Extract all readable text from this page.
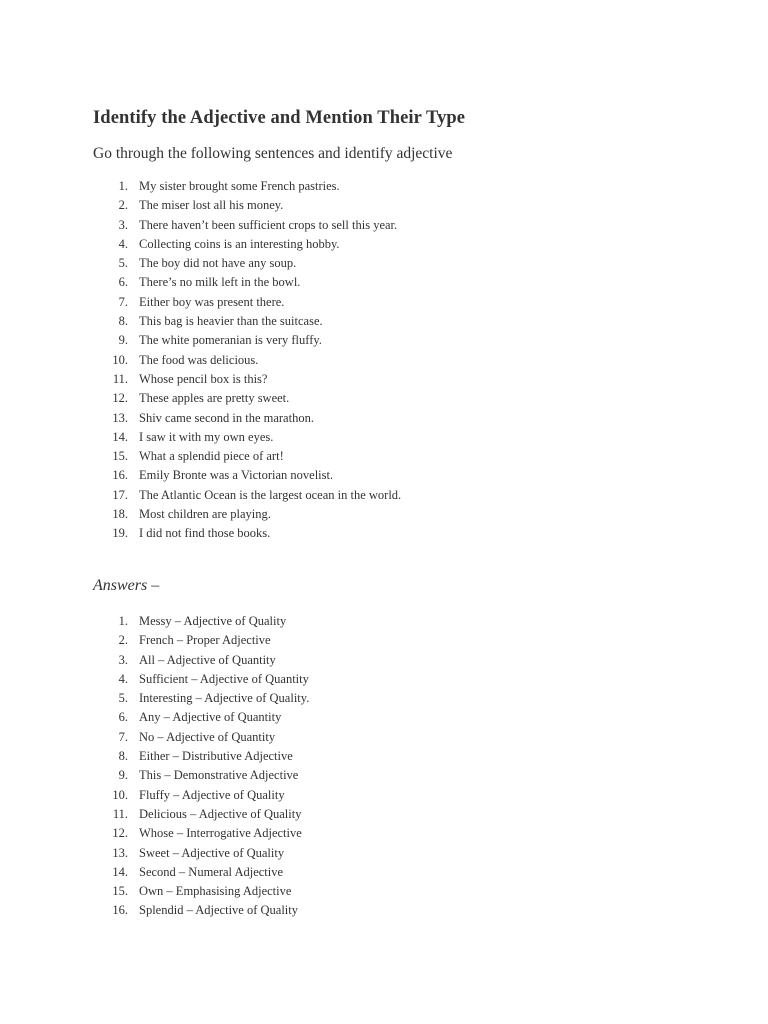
Identify the Adjective and Mention Their Type

Go through the following sentences and identify adjective

1. My sister brought some French pastries.
2. The miser lost all his money.
3. There haven’t been sufficient crops to sell this year.
4. Collecting coins is an interesting hobby.
5. The boy did not have any soup.
6. There’s no milk left in the bowl.
7. Either boy was present there.
8. This bag is heavier than the suitcase.
9. The white pomeranian is very fluffy.
10. The food was delicious.
11. Whose pencil box is this?
12. These apples are pretty sweet.
13. Shiv came second in the marathon.
14. I saw it with my own eyes.
15. What a splendid piece of art!
16. Emily Bronte was a Victorian novelist.
17. The Atlantic Ocean is the largest ocean in the world.
18. Most children are playing.
19. I did not find those books.
Answers –
1. Messy – Adjective of Quality
2. French – Proper Adjective
3. All – Adjective of Quantity
4. Sufficient – Adjective of Quantity
5. Interesting – Adjective of Quality.
6. Any – Adjective of Quantity
7. No – Adjective of Quantity
8. Either – Distributive Adjective
9. This – Demonstrative Adjective
10. Fluffy – Adjective of Quality
11. Delicious – Adjective of Quality
12. Whose – Interrogative Adjective
13. Sweet – Adjective of Quality
14. Second – Numeral Adjective
15. Own – Emphasising Adjective
16. Splendid – Adjective of Quality
